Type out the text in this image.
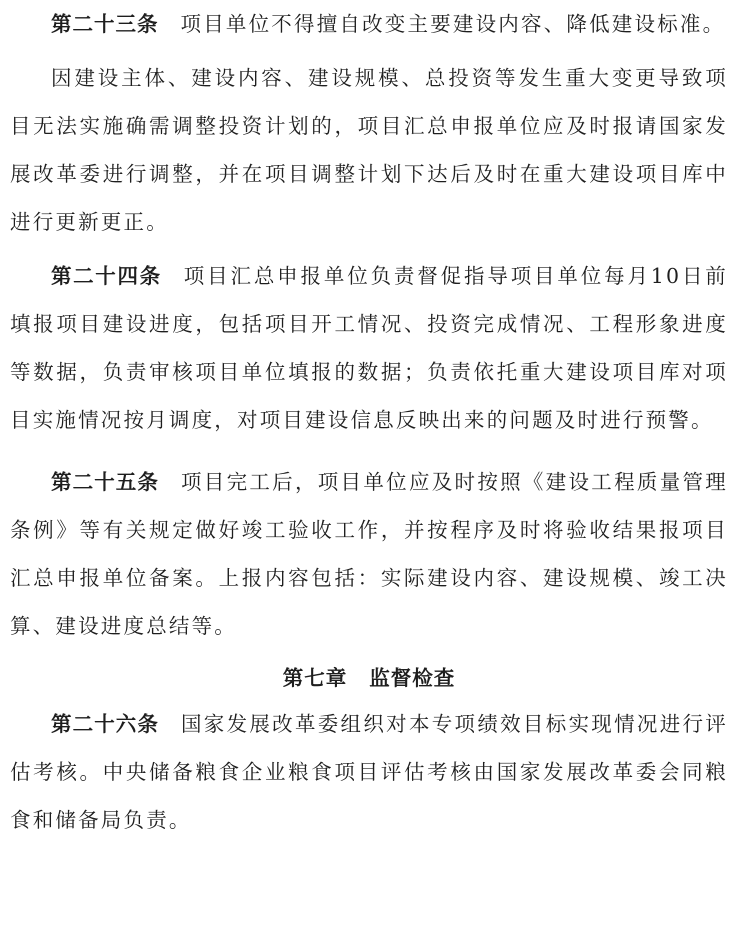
第二十三条 项目单位不得擅自改变主要建设内容、降低建设标准。

因建设主体、建设内容、建设规模、总投资等发生重大变更导致项目无法实施确需调整投资计划的，项目汇总申报单位应及时报请国家发展改革委进行调整，并在项目调整计划下达后及时在重大建设项目库中进行更新更正。

第二十四条 项目汇总申报单位负责督促指导项目单位每月10日前填报项目建设进度，包括项目开工情况、投资完成情况、工程形象进度等数据，负责审核项目单位填报的数据；负责依托重大建设项目库对项目实施情况按月调度，对项目建设信息反映出来的问题及时进行预警。

第二十五条 项目完工后，项目单位应及时按照《建设工程质量管理条例》等有关规定做好竣工验收工作，并按程序及时将验收结果报项目汇总申报单位备案。上报内容包括：实际建设内容、建设规模、竣工决算、建设进度总结等。

第七章 监督检查

第二十六条 国家发展改革委组织对本专项绩效目标实现情况进行评估考核。中央储备粮食企业粮食项目评估考核由国家发展改革委会同粮食和储备局负责。
